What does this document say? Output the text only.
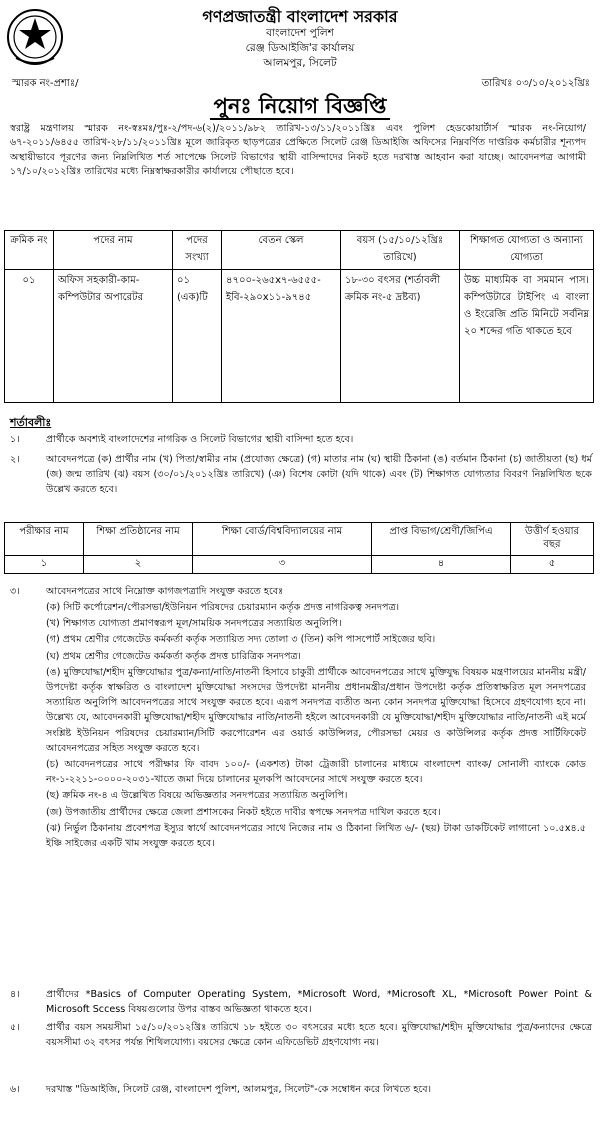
গণপ্রজাতন্ত্রী বাংলাদেশ সরকার
বাংলাদেশ পুলিশ
রেঞ্জ ডিআইজি'র কার্যালয়
আলমপুর, সিলেট
স্মারক নং-প্রশাঃ/	তারিখঃ ০৩/১০/২০১২খ্রিঃ
পুনঃ নিয়োগ বিজ্ঞপ্তি
স্বরাষ্ট্র মন্ত্রণালয় স্মারক নং-স্বঃমঃ/পুঃ-২/পদ-৬(২)/২০১১/৯৮২ তারিখ-১৩/১১/২০১১খ্রিঃ এবং পুলিশ হেডকোয়ার্টার্স স্মারক নং-নিয়োগ/৬৭-২০১১/৬৪৫৫ তারিখ-২৮/১১/২০১১খ্রিঃ মূলে জারিকৃত ছাড়পত্রের প্রেক্ষিতে সিলেট রেঞ্জ ডিআইজি অফিসের নিম্নবর্ণিত দাপ্তরিক কর্মচারীর শূন্যপদ অস্থায়ীভাবে পূরণের জন্য নিম্নলিখিত শর্ত সাপেক্ষে সিলেট বিভাগের স্থায়ী বাসিন্দাদের নিকট হতে দরখাস্ত আহবান করা যাচ্ছে। আবেদনপত্র আগামী ১৭/১০/২০১২খ্রিঃ তারিখের মধ্যে নিম্নস্বাক্ষরকারীর কার্যালয়ে পৌছাতে হবে।
ক্রমিক নং	পদের নাম	পদের সংখ্যা	বেতন স্কেল	বয়স (১৫/১০/১২খ্রিঃ তারিখে)	শিক্ষাগত যোগ্যতা ও অন্যান্য যোগ্যতা
০১	অফিস সহকারী-কাম-কম্পিউটার অপারেটর	০১ (এক)টি	৪৭০০-২৬৫x৭-৬৫৫৫-ইবি-২৯০x১১-৯৭৪৫	১৮-৩০ বৎসর (শর্তাবলী ক্রমিক নং-৫ দ্রষ্টব্য)	উচ্চ মাধ্যমিক বা সমমান পাস। কম্পিউটারে টাইপিং এ বাংলা ও ইংরেজি প্রতি মিনিটে সর্বনিম্ন ২০ শব্দের গতি থাকতে হবে
শর্তাবলীঃ
১।	প্রার্থীকে অবশ্যই বাংলাদেশের নাগরিক ও সিলেট বিভাগের স্থায়ী বাসিন্দা হতে হবে।
২।	আবেদনপত্রে (ক) প্রার্থীর নাম (খ) পিতা/স্বামীর নাম (প্রযোজ্য ক্ষেত্রে) (গ) মাতার নাম (ঘ) স্থায়ী ঠিকানা (ঙ) বর্তমান ঠিকানা (চ) জাতীয়তা (ছ) ধর্ম (জ) জন্ম তারিখ (ঝ) বয়স (৩০/০১/২০১২খ্রিঃ তারিখে) (ঞ) বিশেষ কোটা (যদি থাকে) এবং (ট) শিক্ষাগত যোগ্যতার বিবরণ নিম্নলিখিত ছকে উল্লেখ করতে হবে।
পরীক্ষার নাম	শিক্ষা প্রতিষ্ঠানের নাম	শিক্ষা বোর্ড/বিশ্ববিদ্যালয়ের নাম	প্রাপ্ত বিভাগ/শ্রেণী/জিপিএ	উত্তীর্ণ হওয়ার বছর
১	২	৩	৪	৫
৩।	আবেদনপত্রের সাথে নিম্নোক্ত কাগজপত্রাদি সংযুক্ত করতে হবেঃ

(ক) সিটি কর্পোরেশন/পৌরসভা/ইউনিয়ন পরিষদের চেয়ারম্যান কর্তৃক প্রদত্ত নাগরিকত্ব সনদপত্র।

(খ) শিক্ষাগত যোগ্যতা প্রমাণস্বরূপ মূল/সাময়িক সনদপত্রের সত্যায়িত অনুলিপি।

(গ) প্রথম শ্রেণীর গেজেটেড কর্মকর্তা কর্তৃক সত্যায়িত সদ্য তোলা ৩ (তিন) কপি পাসপোর্ট সাইজের ছবি।

(ঘ) প্রথম শ্রেণীর গেজেটেড কর্মকর্তা কর্তৃক প্রদত্ত চারিত্রিক সনদপত্র।

(ঙ) মুক্তিযোদ্ধা/শহীদ মুক্তিযোদ্ধার পুত্র/কন্যা/নাতি/নাতনী হিসাবে চাকুরী প্রার্থীকে আবেদনপত্রের সাথে মুক্তিযুদ্ধ বিষয়ক মন্ত্রণালয়ের মাননীয় মন্ত্রী/উপদেষ্টা কর্তৃক স্বাক্ষরিত ও বাংলাদেশ মুক্তিযোদ্ধা সংসদের উপদেষ্টা মাননীয় প্রধানমন্ত্রীর/প্রধান উপদেষ্টা কর্তৃক প্রতিস্বাক্ষরিত মূল সনদপত্রের সত্যায়িত অনুলিপি আবেদনপত্রের সাথে সংযুক্ত করতে হবে। এরূপ সনদপত্র ব্যতীত অন্য কোন সনদপত্র মুক্তিযোদ্ধা হিসেবে গ্রহণযোগ্য হবে না। উল্লেখ্য যে, আবেদনকারী মুক্তিযোদ্ধা/শহীদ মুক্তিযোদ্ধার নাতি/নাতনী হইলে আবেদনকারী যে মুক্তিযোদ্ধা/শহীদ মুক্তিযোদ্ধার নাতি/নাতনী এই মর্মে সংশ্লিষ্ট ইউনিয়ন পরিষদের চেয়ারম্যান/সিটি করপোরেশন এর ওয়ার্ড কাউন্সিলর, পৌরসভা মেয়র ও কাউন্সিলর কর্তৃক প্রদত্ত সার্টিফিকেট আবেদনপত্রের সহিত সংযুক্ত করতে হবে।

(চ) আবেদনপত্রের সাথে পরীক্ষার ফি বাবদ ১০০/- (একশত) টাকা ট্রেজারী চালানের মাধ্যমে বাংলাদেশ ব্যাংক/ সোনালী ব্যাংকে কোড নং-১-২২১১-০০০০-২০৩১-খাতে জমা দিয়ে চালানের মূলকপি আবেদনের সাথে সংযুক্ত করতে হবে।

(ছ) ক্রমিক নং-৪ এ উল্লেখিত বিষয়ে অভিজ্ঞতার সনদপত্রের সত্যায়িত অনুলিপি।

(জ) উপজাতীয় প্রার্থীদের ক্ষেত্রে জেলা প্রশাসকের নিকট হইতে দাবীর স্বপক্ষে সনদপত্র দাখিল করতে হবে।

(ঝ) নির্ভুল ঠিকানায় প্রবেশপত্র ইস্যুর স্বার্থে আবেদনপত্রের সাথে নিজের নাম ও ঠিকানা লিখিত ৬/- (ছয়) টাকা ডাকটিকেট লাগানো ১০.৫x৪.৫ ইঞ্চি সাইজের একটি খাম সংযুক্ত করতে হবে।

৪।	প্রার্থীদের *Basics of Computer Operating System, *Microsoft Word, *Microsoft XL, *Microsoft Power Point & Microsoft Sccess বিষয়গুলোর উপর বাস্তব অভিজ্ঞতা থাকতে হবে।
৫।	প্রার্থীর বয়স সময়সীমা ১৫/১০/২০১২খ্রিঃ তারিখে ১৮ হইতে ৩০ বৎসরের মধ্যে হতে হবে। মুক্তিযোদ্ধা/শহীদ মুক্তিযোদ্ধার পুত্র/কন্যাদের ক্ষেত্রে বয়সসীমা ৩২ বৎসর পর্যন্ত শিথিলযোগ্য। বয়সের ক্ষেত্রে কোন এফিডেভিট গ্রহণযোগ্য নয়।
৬।	দরখাস্ত "ডিআইজি, সিলেট রেঞ্জ, বাংলাদেশ পুলিশ, আলমপুর, সিলেট"-কে সম্বোধন করে লিখতে হবে।
